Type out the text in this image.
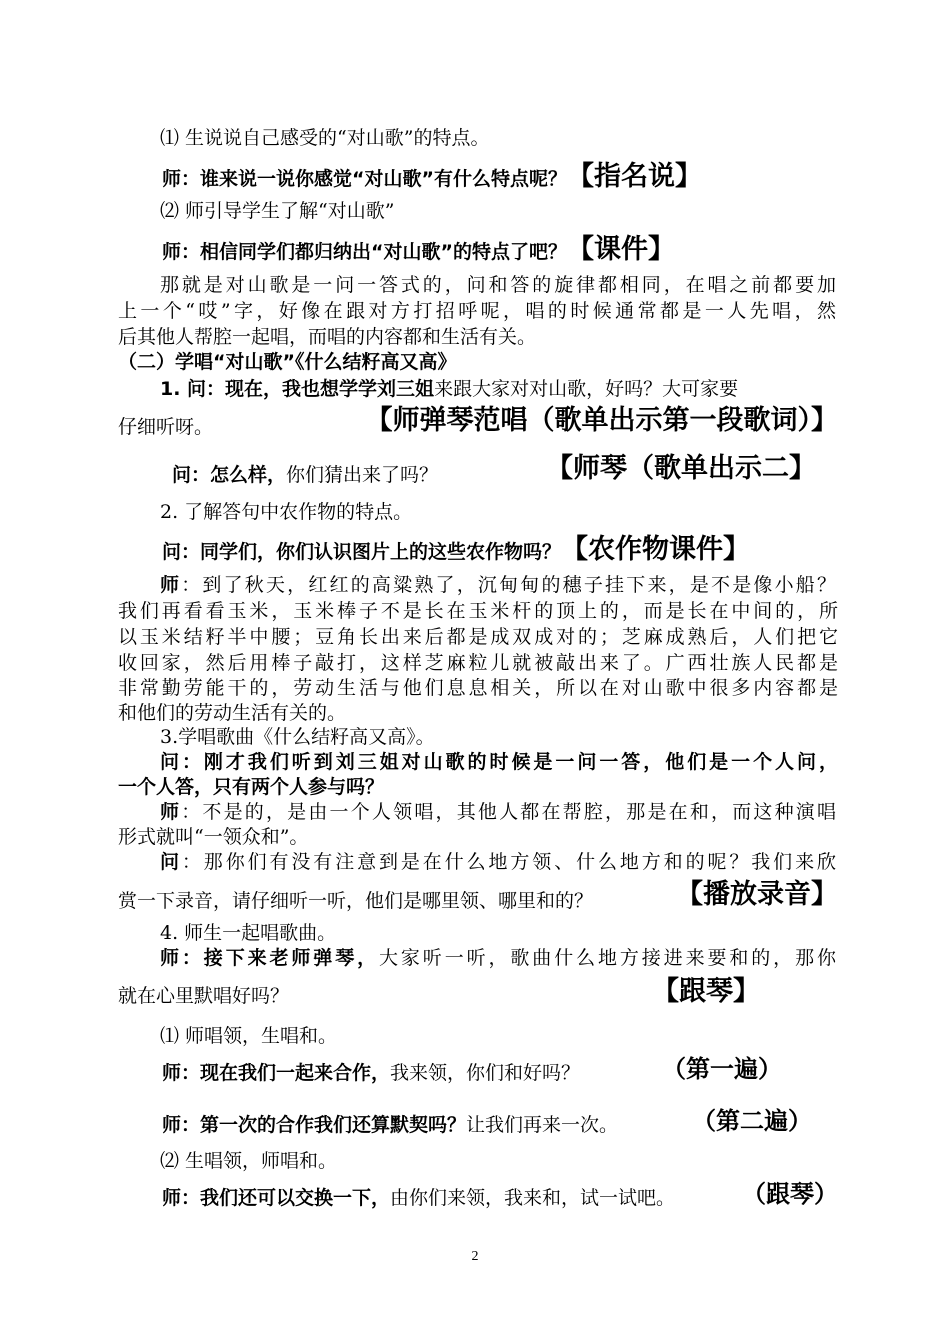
⑴ 生说说自己感受的“对山歌”的特点。
师：谁来说一说你感觉“对山歌”有什么特点呢？【指名说】
⑵ 师引导学生了解“对山歌”
师：相信同学们都归纳出“对山歌”的特点了吧？【课件】
那就是对山歌是一问一答式的，问和答的旋律都相同，在唱之前都要加
上一个“哎”字，好像在跟对方打招呼呢，唱的时候通常都是一人先唱，然
后其他人帮腔一起唱，而唱的内容都和生活有关。
（二）学唱“对山歌”《什么结籽高又高》
1. 问：现在，我也想学学刘三姐来跟大家对对山歌，好吗？大可家要
仔细听呀。	【师弹琴范唱（歌单出示第一段歌词）】
问：怎么样，你们猜出来了吗？	【师琴（歌单出示二】
2. 了解答句中农作物的特点。
问：同学们，你们认识图片上的这些农作物吗？【农作物课件】
师：到了秋天，红红的高粱熟了，沉甸甸的穗子挂下来，是不是像小船？
我们再看看玉米，玉米棒子不是长在玉米杆的顶上的，而是长在中间的，所
以玉米结籽半中腰；豆角长出来后都是成双成对的；芝麻成熟后，人们把它
收回家，然后用棒子敲打，这样芝麻粒儿就被敲出来了。广西壮族人民都是
非常勤劳能干的，劳动生活与他们息息相关，所以在对山歌中很多内容都是
和他们的劳动生活有关的。
3.学唱歌曲《什么结籽高又高》。
问：刚才我们听到刘三姐对山歌的时候是一问一答，他们是一个人问，
一个人答，只有两个人参与吗？
师：不是的，是由一个人领唱，其他人都在帮腔，那是在和，而这种演唱
形式就叫“一领众和”。
问：那你们有没有注意到是在什么地方领、什么地方和的呢？我们来欣
赏一下录音，请仔细听一听，他们是哪里领、哪里和的？	【播放录音】
4. 师生一起唱歌曲。
师：接下来老师弹琴，大家听一听，歌曲什么地方接进来要和的，那你
就在心里默唱好吗？	【跟琴】
⑴ 师唱领，生唱和。
师：现在我们一起来合作，我来领，你们和好吗？	（第一遍）
师：第一次的合作我们还算默契吗？让我们再来一次。	（第二遍）
⑵ 生唱领，师唱和。
师：我们还可以交换一下，由你们来领，我来和，试一试吧。	（跟琴）
2
